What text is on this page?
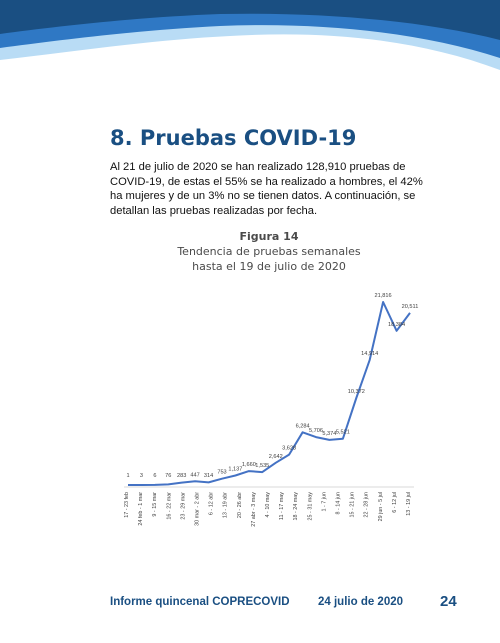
8. Pruebas COVID-19

Al 21 de julio de 2020 se han realizado 128,910 pruebas de COVID-19, de estas el 55% se ha realizado a hombres, el 42% ha mujeres y de un 3% no se tienen datos. A continuación, se detallan las pruebas realizadas por fecha.

Figura 14
Tendencia de pruebas semanales
hasta el 19 de julio de 2020
1 3 6 76 283 447 314
753
1,137
1,660 1,535
2,642
3,628
6,284
5,706 5,374 5,521
10,372
14,914
21,816
18,384
20,511
17 - 23 feb 24 feb - 1 mar 9 - 15 mar 16 - 22 mar 23 - 29 mar 30 mar - 2 abr 6 - 12 abr 13 - 19 abr 20 - 26 abr 27 abr - 3 may 4 - 10 may 11 - 17 may 18 - 24 may 25 - 31 may 1 - 7 jun 8 - 14 jun 15 - 21 jun 22 - 28 jun 29 jun - 5 jul 6 - 12 jul 13 - 19 jul
Informe quincenal COPRECOVID 24 julio de 2020 24
